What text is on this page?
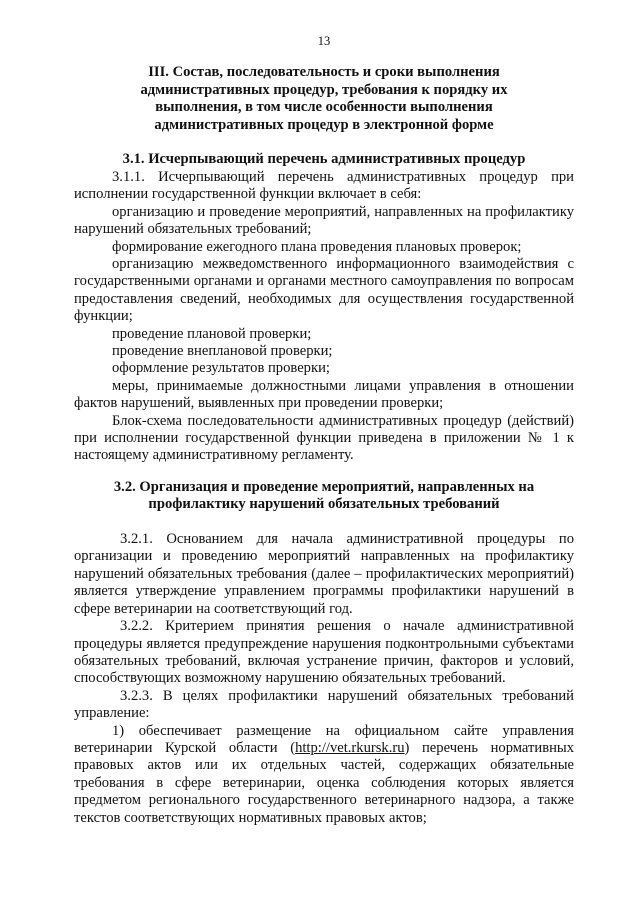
13
III. Состав, последовательность и сроки выполнения административных процедур, требования к порядку их выполнения, в том числе особенности выполнения административных процедур в электронной форме
3.1. Исчерпывающий перечень административных процедур

3.1.1. Исчерпывающий перечень административных процедур при исполнении государственной функции включает в себя:

организацию и проведение мероприятий, направленных на профилактику нарушений обязательных требований;

формирование ежегодного плана проведения плановых проверок;

организацию межведомственного информационного взаимодействия с государственными органами и органами местного самоуправления по вопросам предоставления сведений, необходимых для осуществления государственной функции;

проведение плановой проверки;

проведение внеплановой проверки;

оформление результатов проверки;

меры, принимаемые должностными лицами управления в отношении фактов нарушений, выявленных при проведении проверки;

Блок-схема последовательности административных процедур (действий) при исполнении государственной функции приведена в приложении № 1 к настоящему административному регламенту.

3.2. Организация и проведение мероприятий, направленных на профилактику нарушений обязательных требований

3.2.1. Основанием для начала административной процедуры по организации и проведению мероприятий направленных на профилактику нарушений обязательных требования (далее – профилактических мероприятий) является утверждение управлением программы профилактики нарушений в сфере ветеринарии на соответствующий год.

3.2.2. Критерием принятия решения о начале административной процедуры является предупреждение нарушения подконтрольными субъектами обязательных требований, включая устранение причин, факторов и условий, способствующих возможному нарушению обязательных требований.

3.2.3. В целях профилактики нарушений обязательных требований управление:

1) обеспечивает размещение на официальном сайте управления ветеринарии Курской области (http://vet.rkursk.ru) перечень нормативных правовых актов или их отдельных частей, содержащих обязательные требования в сфере ветеринарии, оценка соблюдения которых является предметом регионального государственного ветеринарного надзора, а также текстов соответствующих нормативных правовых актов;
